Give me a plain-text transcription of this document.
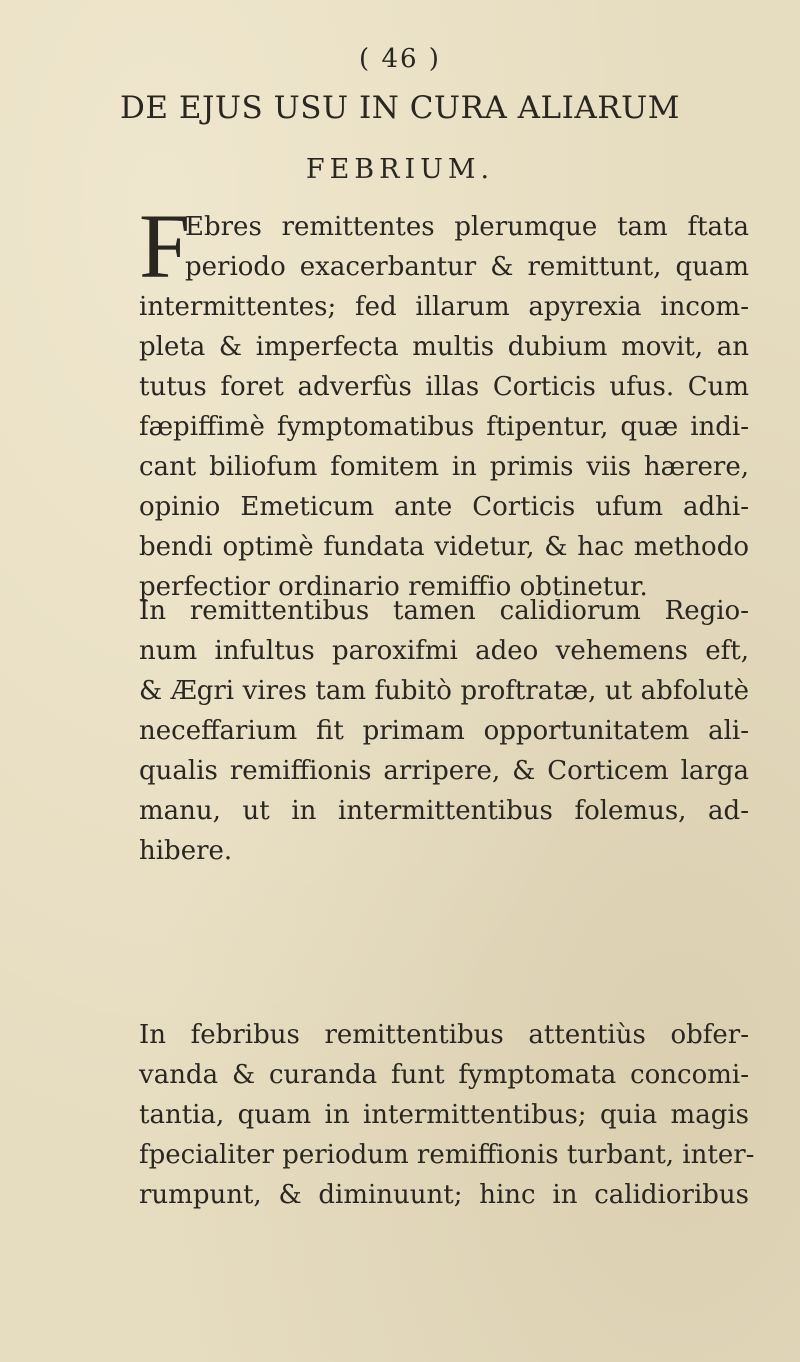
( 46 )
DE EJUS USU IN CURA ALIARUM
FEBRIUM.
F
Ebres remittentes plerumque tam ftata
periodo exacerbantur & remittunt, quam
intermittentes; fed illarum apyrexia incom-
pleta & imperfecta multis dubium movit, an
tutus foret adverfùs illas Corticis ufus. Cum
fæpiffimè fymptomatibus ftipentur, quæ indi-
cant biliofum fomitem in primis viis hærere,
opinio Emeticum ante Corticis ufum adhi-
bendi optimè fundata videtur, & hac methodo
perfectior ordinario remiffio obtinetur.
In remittentibus tamen calidiorum Regio-
num infultus paroxifmi adeo vehemens eft,
& Ægri vires tam fubitò proftratæ, ut abfolutè
neceffarium fit primam opportunitatem ali-
qualis remiffionis arripere, & Corticem larga
manu, ut in intermittentibus folemus, ad-
hibere.
In febribus remittentibus attentiùs obfer-
vanda & curanda funt fymptomata concomi-
tantia, quam in intermittentibus; quia magis
fpecialiter periodum remiffionis turbant, inter-
rumpunt, & diminuunt; hinc in calidioribus
